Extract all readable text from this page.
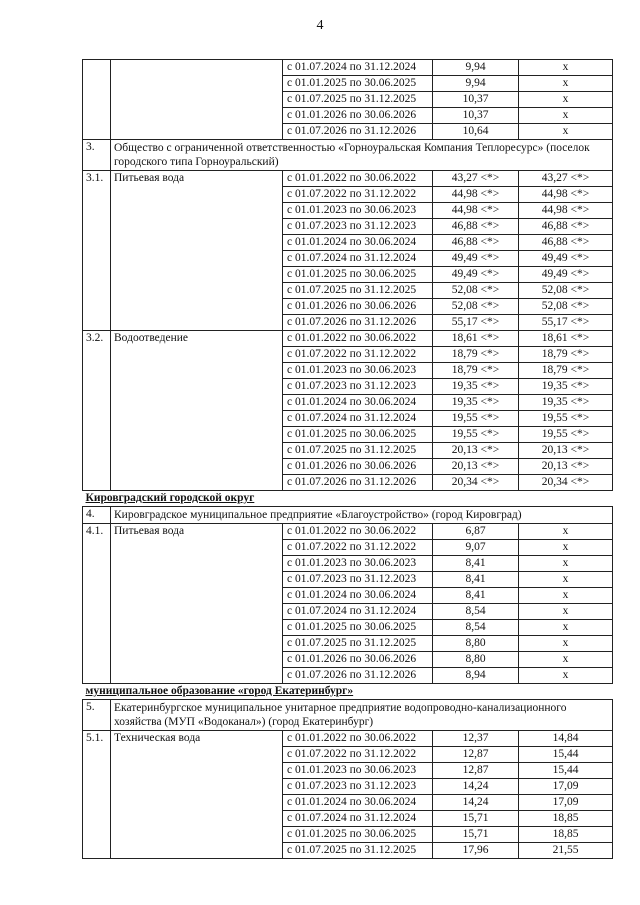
4
		с 01.07.2024 по 31.12.2024	9,94	х
		с 01.01.2025 по 30.06.2025	9,94	х
		с 01.07.2025 по 31.12.2025	10,37	х
		с 01.01.2026 по 30.06.2026	10,37	х
		с 01.07.2026 по 31.12.2026	10,64	х
3.	Общество с ограниченной ответственностью «Горноуральская Компания Теплоресурс» (поселок городского типа Горноуральский)			
3.1.	Питьевая вода	с 01.01.2022 по 30.06.2022	43,27 <*>	43,27 <*>
		с 01.07.2022 по 31.12.2022	44,98 <*>	44,98 <*>
		с 01.01.2023 по 30.06.2023	44,98 <*>	44,98 <*>
		с 01.07.2023 по 31.12.2023	46,88 <*>	46,88 <*>
		с 01.01.2024 по 30.06.2024	46,88 <*>	46,88 <*>
		с 01.07.2024 по 31.12.2024	49,49 <*>	49,49 <*>
		с 01.01.2025 по 30.06.2025	49,49 <*>	49,49 <*>
		с 01.07.2025 по 31.12.2025	52,08 <*>	52,08 <*>
		с 01.01.2026 по 30.06.2026	52,08 <*>	52,08 <*>
		с 01.07.2026 по 31.12.2026	55,17 <*>	55,17 <*>
3.2.	Водоотведение	с 01.01.2022 по 30.06.2022	18,61 <*>	18,61 <*>
		с 01.07.2022 по 31.12.2022	18,79 <*>	18,79 <*>
		с 01.01.2023 по 30.06.2023	18,79 <*>	18,79 <*>
		с 01.07.2023 по 31.12.2023	19,35 <*>	19,35 <*>
		с 01.01.2024 по 30.06.2024	19,35 <*>	19,35 <*>
		с 01.07.2024 по 31.12.2024	19,55 <*>	19,55 <*>
		с 01.01.2025 по 30.06.2025	19,55 <*>	19,55 <*>
		с 01.07.2025 по 31.12.2025	20,13 <*>	20,13 <*>
		с 01.01.2026 по 30.06.2026	20,13 <*>	20,13 <*>
		с 01.07.2026 по 31.12.2026	20,34 <*>	20,34 <*>
Кировградский городской округ				
4.	Кировградское муниципальное предприятие «Благоустройство» (город Кировград)			
4.1.	Питьевая вода	с 01.01.2022 по 30.06.2022	6,87	х
		с 01.07.2022 по 31.12.2022	9,07	х
		с 01.01.2023 по 30.06.2023	8,41	х
		с 01.07.2023 по 31.12.2023	8,41	х
		с 01.01.2024 по 30.06.2024	8,41	х
		с 01.07.2024 по 31.12.2024	8,54	х
		с 01.01.2025 по 30.06.2025	8,54	х
		с 01.07.2025 по 31.12.2025	8,80	х
		с 01.01.2026 по 30.06.2026	8,80	х
		с 01.07.2026 по 31.12.2026	8,94	х
муниципальное образование «город Екатеринбург»				
5.	Екатеринбургское муниципальное унитарное предприятие водопроводно-канализационного хозяйства (МУП «Водоканал») (город Екатеринбург)			
5.1.	Техническая вода	с 01.01.2022 по 30.06.2022	12,37	14,84
		с 01.07.2022 по 31.12.2022	12,87	15,44
		с 01.01.2023 по 30.06.2023	12,87	15,44
		с 01.07.2023 по 31.12.2023	14,24	17,09
		с 01.01.2024 по 30.06.2024	14,24	17,09
		с 01.07.2024 по 31.12.2024	15,71	18,85
		с 01.01.2025 по 30.06.2025	15,71	18,85
		с 01.07.2025 по 31.12.2025	17,96	21,55
